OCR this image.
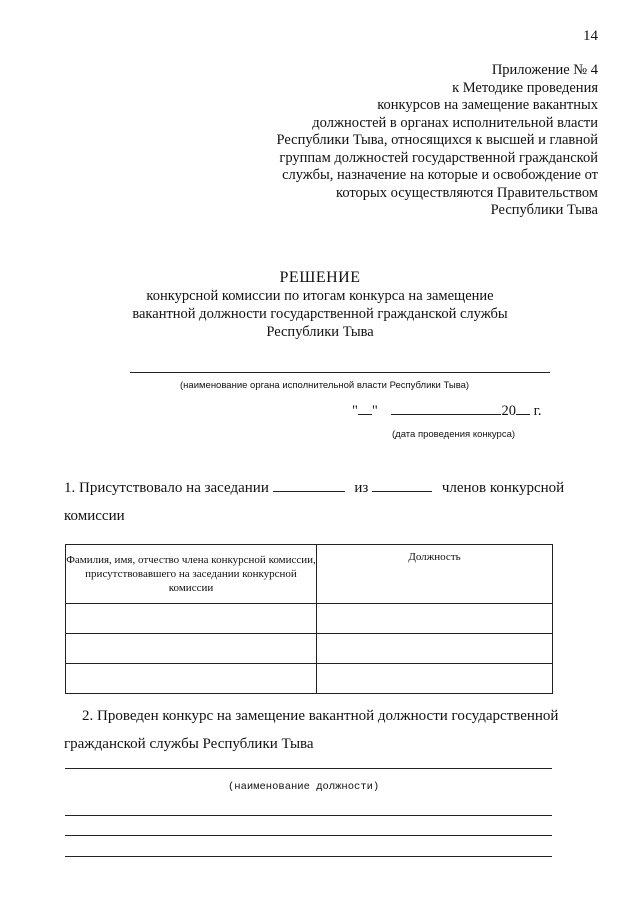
14
Приложение № 4
к Методике проведения
конкурсов на замещение вакантных
должностей в органах исполнительной власти
Республики Тыва, относящихся к высшей и главной
группам должностей государственной гражданской
службы, назначение на которые и освобождение от
которых осуществляются Правительством
Республики Тыва
РЕШЕНИЕ
конкурсной комиссии по итогам конкурса на замещение
вакантной должности государственной гражданской службы
Республики Тыва
(наименование органа исполнительной власти Республики Тыва)
" "	20 г.
(дата проведения конкурса)
1. Присутствовало на заседании	из	членов конкурсной
комиссии
Фамилия, имя, отчество члена конкурсной комиссии, присутствовавшего на заседании конкурсной комиссии	Должность

2. Проведен конкурс на замещение вакантной должности государственной
гражданской службы Республики Тыва
(наименование должности)
